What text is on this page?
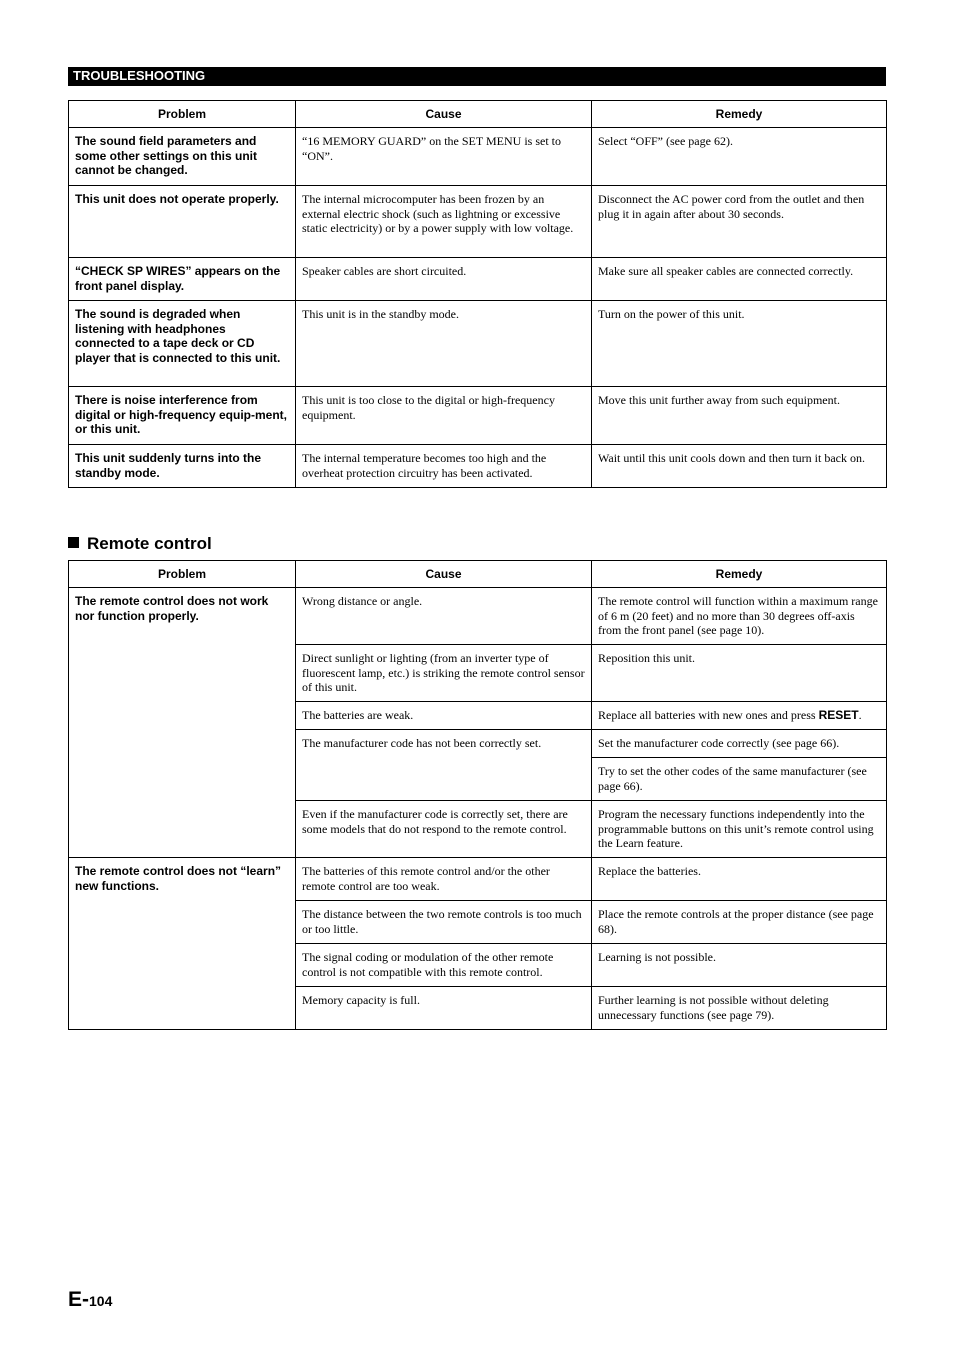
TROUBLESHOOTING
Problem	Cause	Remedy
The sound field parameters and some other settings on this unit cannot be changed.	“16 MEMORY GUARD” on the SET MENU is set to “ON”.	Select “OFF” (see page 62).
This unit does not operate properly.	The internal microcomputer has been frozen by an external electric shock (such as lightning or excessive static electricity) or by a power supply with low voltage.	Disconnect the AC power cord from the outlet and then plug it in again after about 30 seconds.
“CHECK SP WIRES” appears on the front panel display.	Speaker cables are short circuited.	Make sure all speaker cables are connected correctly.
The sound is degraded when listening with headphones connected to a tape deck or CD player that is connected to this unit.	This unit is in the standby mode.	Turn on the power of this unit.
There is noise interference from digital or high-frequency equip-ment, or this unit.	This unit is too close to the digital or high-frequency equipment.	Move this unit further away from such equipment.
This unit suddenly turns into the standby mode.	The internal temperature becomes too high and the overheat protection circuitry has been activated.	Wait until this unit cools down and then turn it back on.
Remote control
Problem	Cause	Remedy
The remote control does not work nor function properly.	Wrong distance or angle.	The remote control will function within a maximum range of 6 m (20 feet) and no more than 30 degrees off-axis from the front panel (see page 10).
	Direct sunlight or lighting (from an inverter type of fluorescent lamp, etc.) is striking the remote control sensor of this unit.	Reposition this unit.
	The batteries are weak.	Replace all batteries with new ones and press RESET.
	The manufacturer code has not been correctly set.	Set the manufacturer code correctly (see page 66).
		Try to set the other codes of the same manufacturer (see page 66).
	Even if the manufacturer code is correctly set, there are some models that do not respond to the remote control.	Program the necessary functions independently into the programmable buttons on this unit’s remote control using the Learn feature.
The remote control does not “learn” new functions.	The batteries of this remote control and/or the other remote control are too weak.	Replace the batteries.
	The distance between the two remote controls is too much or too little.	Place the remote controls at the proper distance (see page 68).
	The signal coding or modulation of the other remote control is not compatible with this remote control.	Learning is not possible.
	Memory capacity is full.	Further learning is not possible without deleting unnecessary functions (see page 79).
E-104
